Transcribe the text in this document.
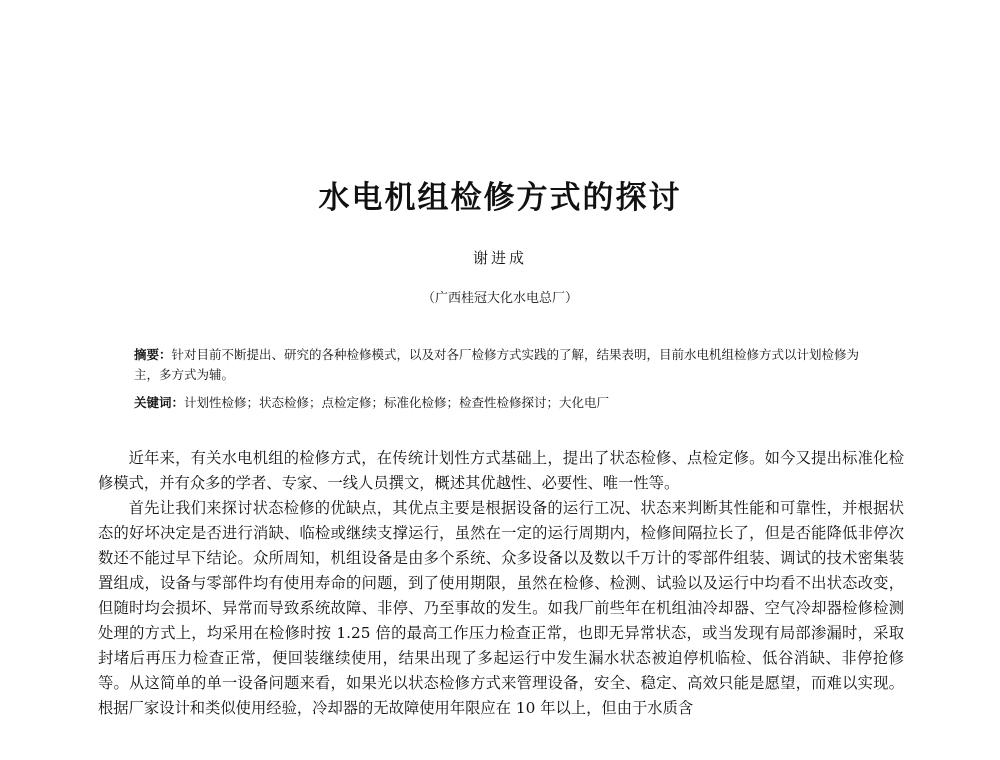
水电机组检修方式的探讨
谢进成
（广西桂冠大化水电总厂）

摘要：针对目前不断提出、研究的各种检修模式，以及对各厂检修方式实践的了解，结果表明，目前水电机组检修方式以计划检修为主，多方式为辅。

关键词：计划性检修；状态检修；点检定修；标准化检修；检查性检修探讨；大化电厂

近年来，有关水电机组的检修方式，在传统计划性方式基础上，提出了状态检修、点检定修。如今又提出标准化检修模式，并有众多的学者、专家、一线人员撰文，概述其优越性、必要性、唯一性等。

首先让我们来探讨状态检修的优缺点，其优点主要是根据设备的运行工况、状态来判断其性能和可靠性，并根据状态的好坏决定是否进行消缺、临检或继续支撑运行，虽然在一定的运行周期内，检修间隔拉长了，但是否能降低非停次数还不能过早下结论。众所周知，机组设备是由多个系统、众多设备以及数以千万计的零部件组装、调试的技术密集装置组成，设备与零部件均有使用寿命的问题，到了使用期限，虽然在检修、检测、试验以及运行中均看不出状态改变，但随时均会损坏、异常而导致系统故障、非停、乃至事故的发生。如我厂前些年在机组油冷却器、空气冷却器检修检测处理的方式上，均采用在检修时按 1.25 倍的最高工作压力检查正常，也即无异常状态，或当发现有局部渗漏时，采取封堵后再压力检查正常，便回装继续使用，结果出现了多起运行中发生漏水状态被迫停机临检、低谷消缺、非停抢修等。从这简单的单一设备问题来看，如果光以状态检修方式来管理设备，安全、稳定、高效只能是愿望，而难以实现。根据厂家设计和类似使用经验，冷却器的无故障使用年限应在 10 年以上，但由于水质含
